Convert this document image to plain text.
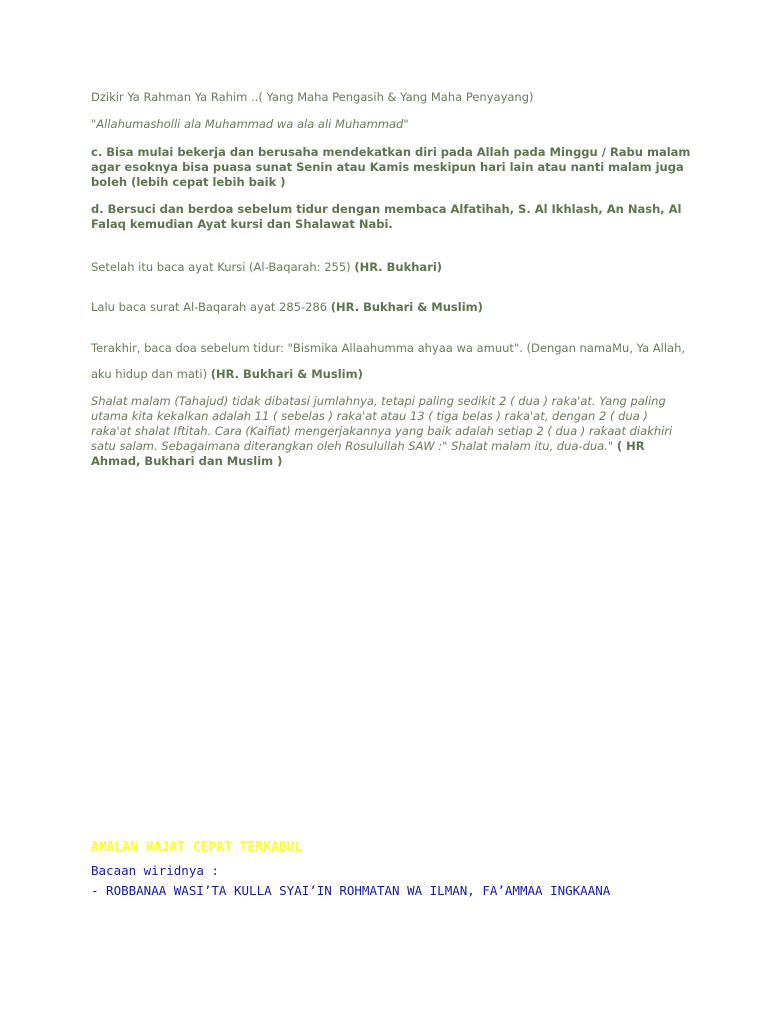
Dzikir Ya Rahman Ya Rahim ..( Yang Maha Pengasih & Yang Maha Penyayang)

"Allahumasholli ala Muhammad wa ala ali Muhammad"

c. Bisa mulai bekerja dan berusaha mendekatkan diri pada Allah pada Minggu / Rabu malam agar esoknya bisa puasa sunat Senin atau Kamis meskipun hari lain atau nanti malam juga boleh (lebih cepat lebih baik )

d. Bersuci dan berdoa sebelum tidur dengan membaca Alfatihah, S. Al Ikhlash, An Nash, Al Falaq kemudian Ayat kursi dan Shalawat Nabi.

Setelah itu baca ayat Kursi (Al-Baqarah: 255) (HR. Bukhari)

Lalu baca surat Al-Baqarah ayat 285-286 (HR. Bukhari & Muslim)

Terakhir, baca doa sebelum tidur: "Bismika Allaahumma ahyaa wa amuut". (Dengan namaMu, Ya Allah, aku hidup dan mati) (HR. Bukhari & Muslim)

Shalat malam (Tahajud) tidak dibatasi jumlahnya, tetapi paling sedikit 2 ( dua ) raka'at. Yang paling utama kita kekalkan adalah 11 ( sebelas ) raka'at atau 13 ( tiga belas ) raka'at, dengan 2 ( dua ) raka'at shalat Iftitah. Cara (Kaifiat) mengerjakannya yang baik adalah setiap 2 ( dua ) rakaat diakhiri satu salam. Sebagaimana diterangkan oleh Rosulullah SAW :" Shalat malam itu, dua-dua." ( HR Ahmad, Bukhari dan Muslim )

AMALAN HAJAT CEPAT TERKABUL

Bacaan wiridnya :

- ROBBANAA WASI’TA KULLA SYAI’IN ROHMATAN WA ILMAN, FA’AMMAA INGKAANA
